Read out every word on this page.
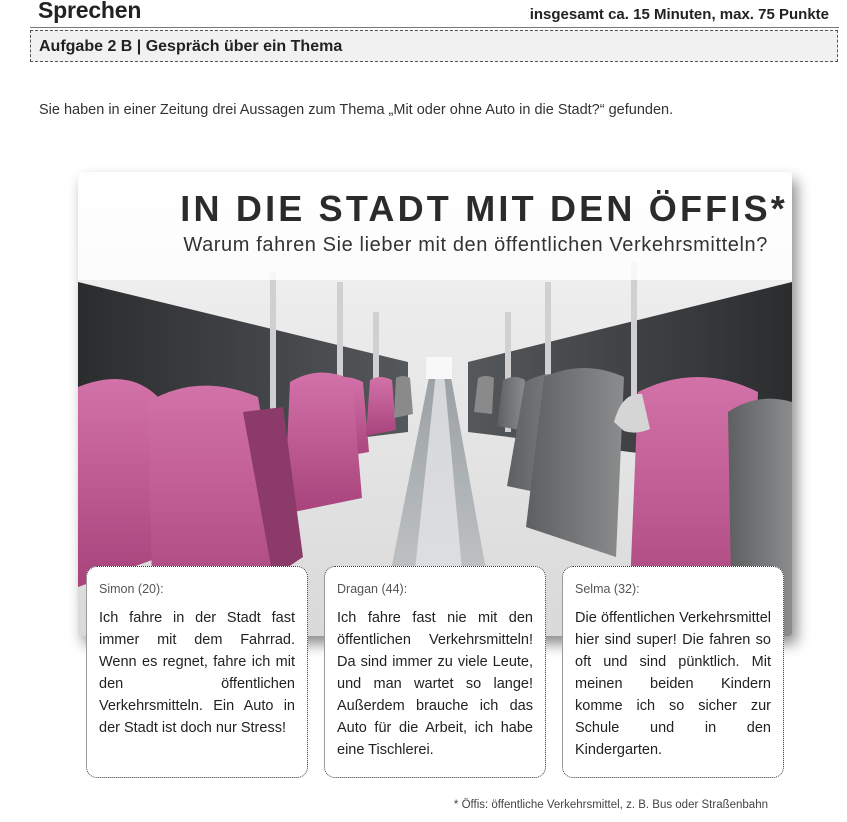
Sprechen	insgesamt ca. 15 Minuten, max. 75 Punkte
Aufgabe 2 B | Gespräch über ein Thema
Sie haben in einer Zeitung drei Aussagen zum Thema „Mit oder ohne Auto in die Stadt?“ gefunden.
IN DIE STADT MIT DEN ÖFFIS*
Warum fahren Sie lieber mit den öffentlichen Verkehrsmitteln?
Simon (20):
Ich fahre in der Stadt fast immer mit dem Fahrrad. Wenn es regnet, fahre ich mit den öffentlichen Verkehrsmitteln. Ein Auto in der Stadt ist doch nur Stress!
Dragan (44):
Ich fahre fast nie mit den öffentlichen Verkehrsmitteln! Da sind immer zu viele Leute, und man wartet so lange! Außerdem brauche ich das Auto für die Arbeit, ich habe eine Tischlerei.
Selma (32):
Die öffentlichen Verkehrsmittel hier sind super! Die fahren so oft und sind pünktlich. Mit meinen beiden Kindern komme ich so sicher zur Schule und in den Kindergarten.
* Öffis: öffentliche Verkehrsmittel, z. B. Bus oder Straßenbahn
